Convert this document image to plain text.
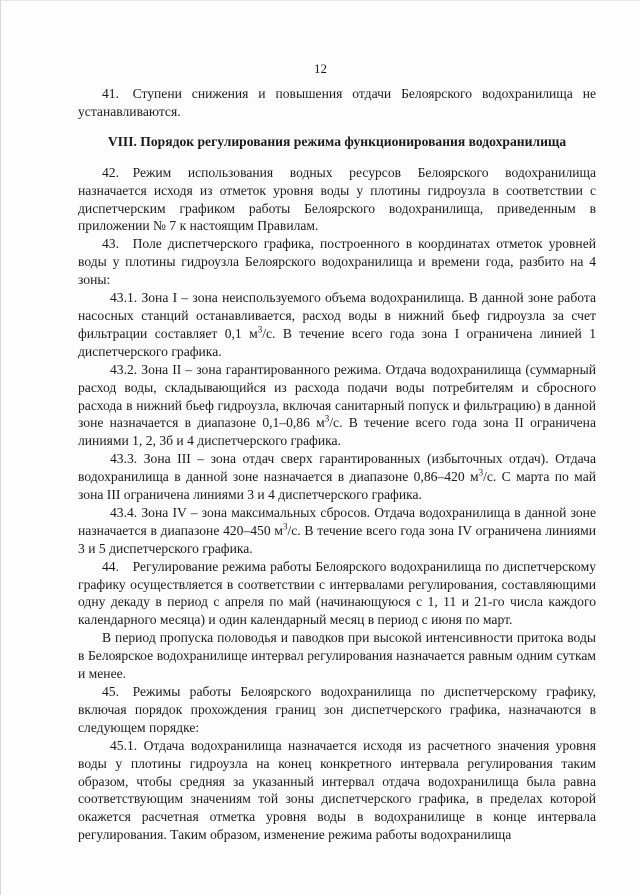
12

41. Ступени снижения и повышения отдачи Белоярского водохранилища не устанавливаются.

VIII. Порядок регулирования режима функционирования водохранилища

42. Режим использования водных ресурсов Белоярского водохранилища назначается исходя из отметок уровня воды у плотины гидроузла в соответствии с диспетчерским графиком работы Белоярского водохранилища, приведенным в приложении № 7 к настоящим Правилам.

43. Поле диспетчерского графика, построенного в координатах отметок уровней воды у плотины гидроузла Белоярского водохранилища и времени года, разбито на 4 зоны:

43.1. Зона I – зона неиспользуемого объема водохранилища. В данной зоне работа насосных станций останавливается, расход воды в нижний бьеф гидроузла за счет фильтрации составляет 0,1 $м^3/с$. В течение всего года зона I ограничена линией 1 диспетчерского графика.

43.2. Зона II – зона гарантированного режима. Отдача водохранилища (суммарный расход воды, складывающийся из расхода подачи воды потребителям и сбросного расхода в нижний бьеф гидроузла, включая санитарный попуск и фильтрацию) в данной зоне назначается в диапазоне 0,1–0,86 $м^3/с$. В течение всего года зона II ограничена линиями 1, 2, 3б и 4 диспетчерского графика.

43.3. Зона III – зона отдач сверх гарантированных (избыточных отдач). Отдача водохранилища в данной зоне назначается в диапазоне 0,86–420 $м^3/с$. С марта по май зона III ограничена линиями 3 и 4 диспетчерского графика.

43.4. Зона IV – зона максимальных сбросов. Отдача водохранилища в данной зоне назначается в диапазоне 420–450 $м^3/с$. В течение всего года зона IV ограничена линиями 3 и 5 диспетчерского графика.

44. Регулирование режима работы Белоярского водохранилища по диспетчерскому графику осуществляется в соответствии с интервалами регулирования, составляющими одну декаду в период с апреля по май (начинающуюся с 1, 11 и 21-го числа каждого календарного месяца) и один календарный месяц в период с июня по март.

В период пропуска половодья и паводков при высокой интенсивности притока воды в Белоярское водохранилище интервал регулирования назначается равным одним суткам и менее.

45. Режимы работы Белоярского водохранилища по диспетчерскому графику, включая порядок прохождения границ зон диспетчерского графика, назначаются в следующем порядке:

45.1. Отдача водохранилища назначается исходя из расчетного значения уровня воды у плотины гидроузла на конец конкретного интервала регулирования таким образом, чтобы средняя за указанный интервал отдача водохранилища была равна соответствующим значениям той зоны диспетчерского графика, в пределах которой окажется расчетная отметка уровня воды в водохранилище в конце интервала регулирования. Таким образом, изменение режима работы водохранилища
